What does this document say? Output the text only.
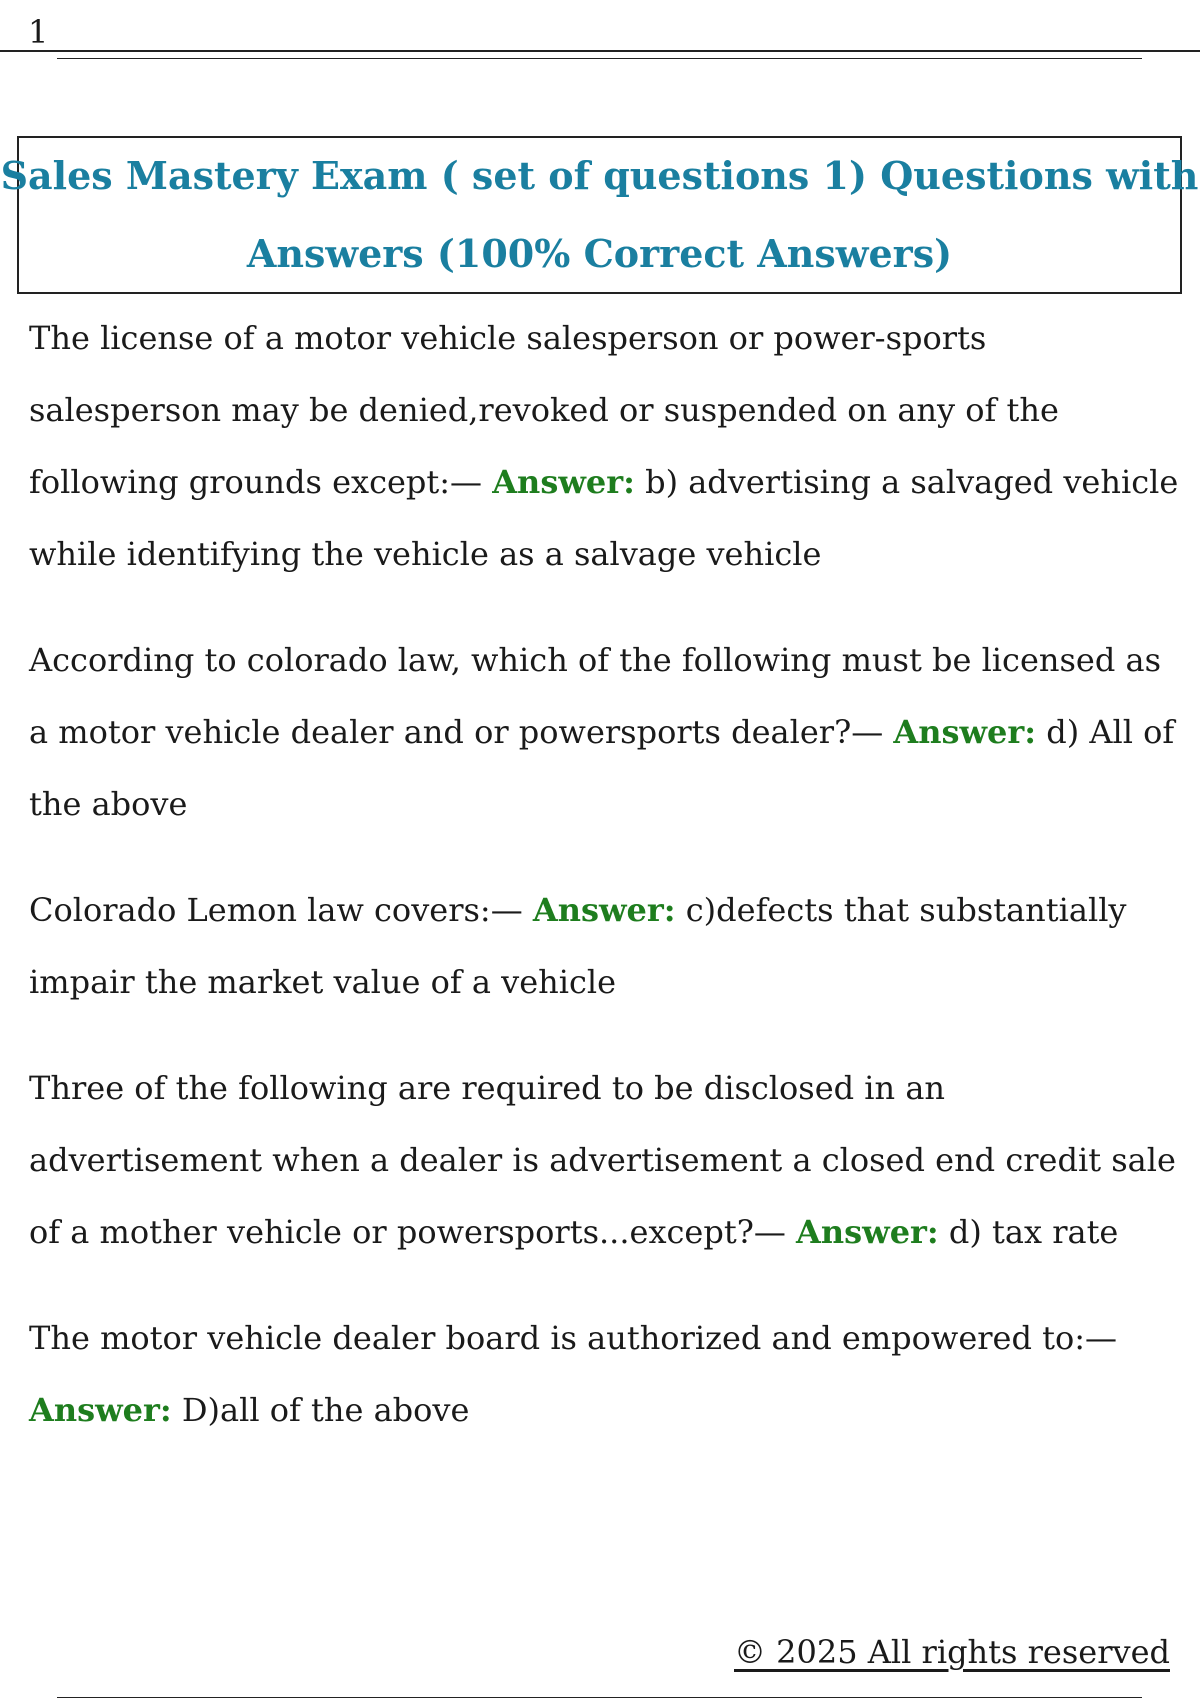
1
Sales Mastery Exam ( set of questions 1) Questions with
Answers (100% Correct Answers)

The license of a motor vehicle salesperson or power-sports salesperson may be denied,revoked or suspended on any of the following grounds except:— Answer: b) advertising a salvaged vehicle while identifying the vehicle as a salvage vehicle

According to colorado law, which of the following must be licensed as a motor vehicle dealer and or powersports dealer?— Answer: d) All of the above

Colorado Lemon law covers:— Answer: c)defects that substantially impair the market value of a vehicle

Three of the following are required to be disclosed in an advertisement when a dealer is advertisement a closed end credit sale of a mother vehicle or powersports...except?— Answer: d) tax rate

The motor vehicle dealer board is authorized and empowered to:— Answer: D)all of the above

© 2025 All rights reserved
